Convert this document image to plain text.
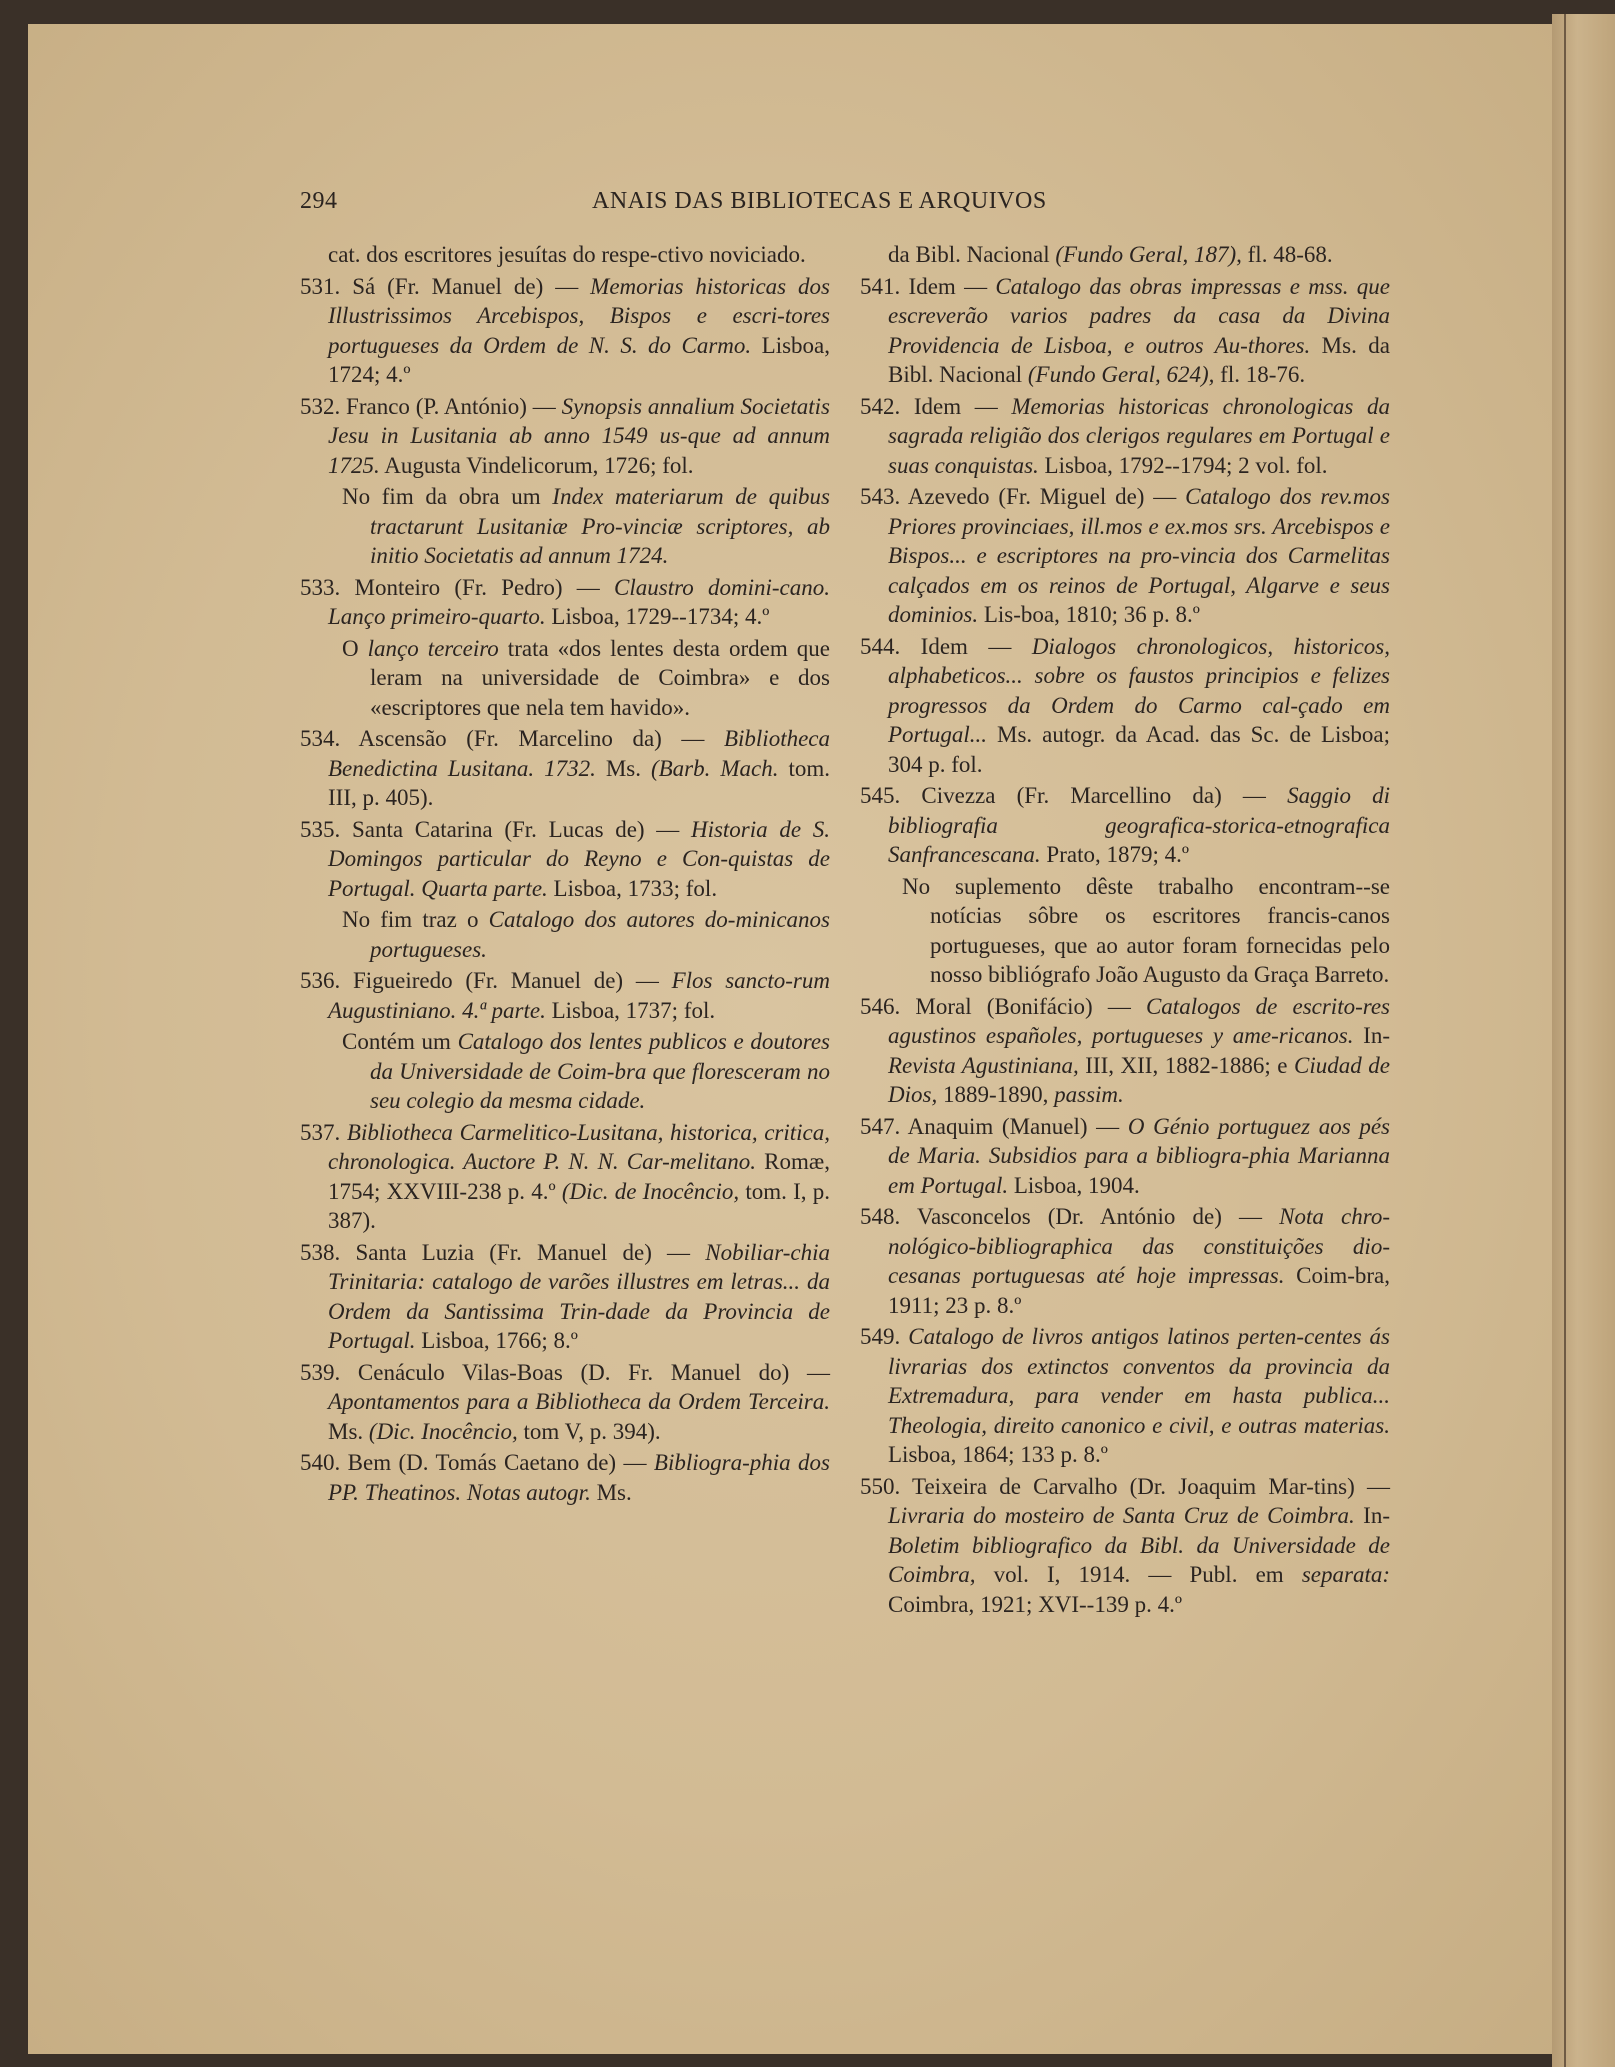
294	ANAIS DAS BIBLIOTECAS E ARQUIVOS

cat. dos escritores jesuítas do respe-ctivo noviciado.

531. Sá (Fr. Manuel de) — Memorias historicas dos Illustrissimos Arcebispos, Bispos e escri-tores portugueses da Ordem de N. S. do Carmo. Lisboa, 1724; 4.º

532. Franco (P. António) — Synopsis annalium Societatis Jesu in Lusitania ab anno 1549 us-que ad annum 1725. Augusta Vindelicorum, 1726; fol.

No fim da obra um Index materiarum de quibus tractarunt Lusitaniæ Pro-vinciæ scriptores, ab initio Societatis ad annum 1724.

533. Monteiro (Fr. Pedro) — Claustro domini-cano. Lanço primeiro-quarto. Lisboa, 1729--1734; 4.º

O lanço terceiro trata «dos lentes desta ordem que leram na universidade de Coimbra» e dos «escriptores que nela tem havido».

534. Ascensão (Fr. Marcelino da) — Bibliotheca Benedictina Lusitana. 1732. Ms. (Barb. Mach. tom. III, p. 405).

535. Santa Catarina (Fr. Lucas de) — Historia de S. Domingos particular do Reyno e Con-quistas de Portugal. Quarta parte. Lisboa, 1733; fol.

No fim traz o Catalogo dos autores do-minicanos portugueses.

536. Figueiredo (Fr. Manuel de) — Flos sancto-rum Augustiniano. 4.ª parte. Lisboa, 1737; fol.

Contém um Catalogo dos lentes publicos e doutores da Universidade de Coim-bra que floresceram no seu colegio da mesma cidade.

537. Bibliotheca Carmelitico-Lusitana, historica, critica, chronologica. Auctore P. N. N. Car-melitano. Romæ, 1754; XXVIII-238 p. 4.º (Dic. de Inocêncio, tom. I, p. 387).

538. Santa Luzia (Fr. Manuel de) — Nobiliar-chia Trinitaria: catalogo de varões illustres em letras... da Ordem da Santissima Trin-dade da Provincia de Portugal. Lisboa, 1766; 8.º

539. Cenáculo Vilas-Boas (D. Fr. Manuel do) — Apontamentos para a Bibliotheca da Ordem Terceira. Ms. (Dic. Inocêncio, tom V, p. 394).

540. Bem (D. Tomás Caetano de) — Bibliogra-phia dos PP. Theatinos. Notas autogr. Ms.

da Bibl. Nacional (Fundo Geral, 187), fl. 48-68.

541. Idem — Catalogo das obras impressas e mss. que escreverão varios padres da casa da Divina Providencia de Lisboa, e outros Au-thores. Ms. da Bibl. Nacional (Fundo Geral, 624), fl. 18-76.

542. Idem — Memorias historicas chronologicas da sagrada religião dos clerigos regulares em Portugal e suas conquistas. Lisboa, 1792--1794; 2 vol. fol.

543. Azevedo (Fr. Miguel de) — Catalogo dos rev.mos Priores provinciaes, ill.mos e ex.mos srs. Arcebispos e Bispos... e escriptores na pro-vincia dos Carmelitas calçados em os reinos de Portugal, Algarve e seus dominios. Lis-boa, 1810; 36 p. 8.º

544. Idem — Dialogos chronologicos, historicos, alphabeticos... sobre os faustos principios e felizes progressos da Ordem do Carmo cal-çado em Portugal... Ms. autogr. da Acad. das Sc. de Lisboa; 304 p. fol.

545. Civezza (Fr. Marcellino da) — Saggio di bibliografia geografica-storica-etnografica Sanfrancescana. Prato, 1879; 4.º

No suplemento dêste trabalho encontram--se notícias sôbre os escritores francis-canos portugueses, que ao autor foram fornecidas pelo nosso bibliógrafo João Augusto da Graça Barreto.

546. Moral (Bonifácio) — Catalogos de escrito-res agustinos españoles, portugueses y ame-ricanos. In-Revista Agustiniana, III, XII, 1882-1886; e Ciudad de Dios, 1889-1890, passim.

547. Anaquim (Manuel) — O Génio portuguez aos pés de Maria. Subsidios para a bibliogra-phia Marianna em Portugal. Lisboa, 1904.

548. Vasconcelos (Dr. António de) — Nota chro-nológico-bibliographica das constituições dio-cesanas portuguesas até hoje impressas. Coim-bra, 1911; 23 p. 8.º

549. Catalogo de livros antigos latinos perten-centes ás livrarias dos extinctos conventos da provincia da Extremadura, para vender em hasta publica... Theologia, direito canonico e civil, e outras materias. Lisboa, 1864; 133 p. 8.º

550. Teixeira de Carvalho (Dr. Joaquim Mar-tins) — Livraria do mosteiro de Santa Cruz de Coimbra. In-Boletim bibliografico da Bibl. da Universidade de Coimbra, vol. I, 1914. — Publ. em separata: Coimbra, 1921; XVI--139 p. 4.º
